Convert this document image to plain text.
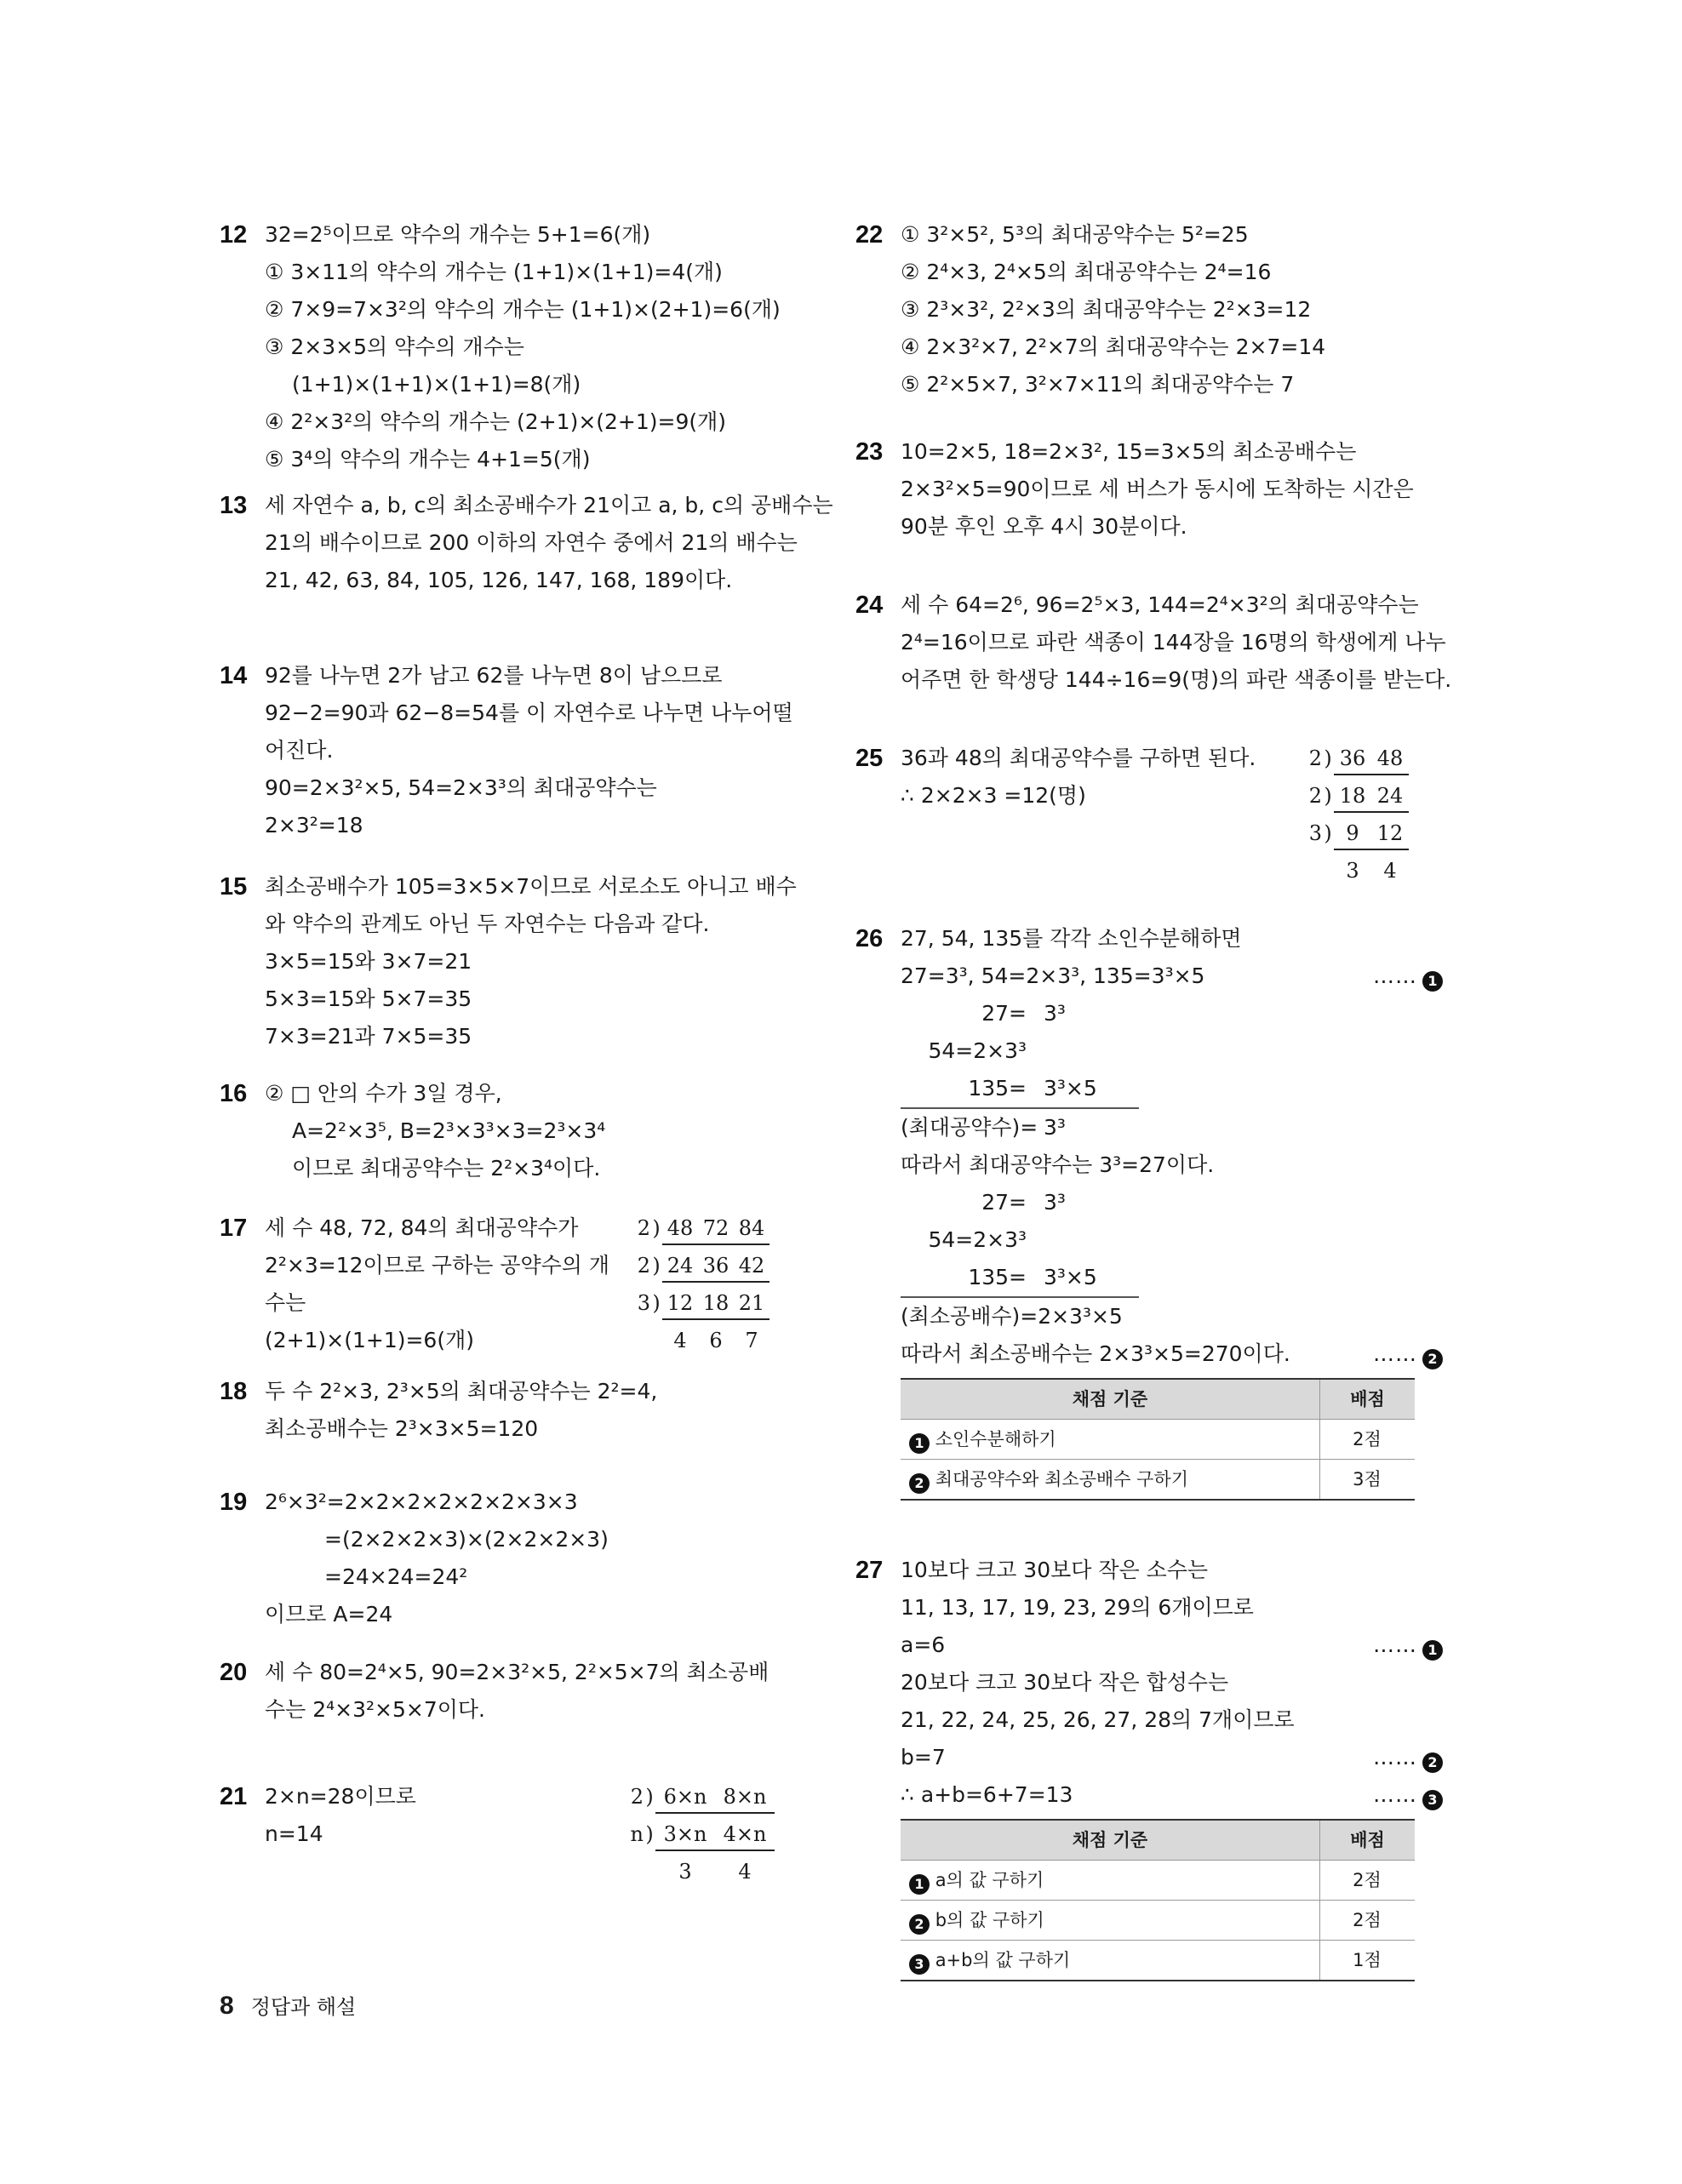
12 32=2⁵이므로 약수의 개수는 5+1=6(개)
① 3×11의 약수의 개수는 (1+1)×(1+1)=4(개)
② 7×9=7×3²의 약수의 개수는 (1+1)×(2+1)=6(개)
③ 2×3×5의 약수의 개수는
(1+1)×(1+1)×(1+1)=8(개)
④ 2²×3²의 약수의 개수는 (2+1)×(2+1)=9(개)
⑤ 3⁴의 약수의 개수는 4+1=5(개)
13 세 자연수 a, b, c의 최소공배수가 21이고 a, b, c의 공배수는
21의 배수이므로 200 이하의 자연수 중에서 21의 배수는
21, 42, 63, 84, 105, 126, 147, 168, 189이다.
14 92를 나누면 2가 남고 62를 나누면 8이 남으므로
92−2=90과 62−8=54를 이 자연수로 나누면 나누어떨
어진다.
90=2×3²×5, 54=2×3³의 최대공약수는
2×3²=18
15 최소공배수가 105=3×5×7이므로 서로소도 아니고 배수
와 약수의 관계도 아닌 두 자연수는 다음과 같다.
3×5=15와 3×7=21
5×3=15와 5×7=35
7×3=21과 7×5=35
16 ② □ 안의 수가 3일 경우,
A=2²×3⁵, B=2³×3³×3=2³×3⁴
이므로 최대공약수는 2²×3⁴이다.
17 세 수 48, 72, 84의 최대공약수가
2²×3=12이므로 구하는 공약수의 개
수는
(2+1)×(1+1)=6(개)
2) 48 72 84
2) 24 36 42
3) 12 18 21
4 6 7
18 두 수 2²×3, 2³×5의 최대공약수는 2²=4,
최소공배수는 2³×3×5=120
19 2⁶×3²=2×2×2×2×2×2×3×3
=(2×2×2×3)×(2×2×2×3)
=24×24=24²
이므로 A=24
20 세 수 80=2⁴×5, 90=2×3²×5, 2²×5×7의 최소공배
수는 2⁴×3²×5×7이다.
21 2×n=28이므로
n=14
2) 6×n 8×n
n) 3×n 4×n
3 4
22 ① 3²×5², 5³의 최대공약수는 5²=25
② 2⁴×3, 2⁴×5의 최대공약수는 2⁴=16
③ 2³×3², 2²×3의 최대공약수는 2²×3=12
④ 2×3²×7, 2²×7의 최대공약수는 2×7=14
⑤ 2²×5×7, 3²×7×11의 최대공약수는 7
23 10=2×5, 18=2×3², 15=3×5의 최소공배수는
2×3²×5=90이므로 세 버스가 동시에 도착하는 시간은
90분 후인 오후 4시 30분이다.
24 세 수 64=2⁶, 96=2⁵×3, 144=2⁴×3²의 최대공약수는
2⁴=16이므로 파란 색종이 144장을 16명의 학생에게 나누
어주면 한 학생당 144÷16=9(명)의 파란 색종이를 받는다.
25 36과 48의 최대공약수를 구하면 된다.
∴ 2×2×3 =12(명)
2) 36 48
2) 18 24
3) 9 12
3 4
26 27, 54, 135를 각각 소인수분해하면
27=3³, 54=2×3³, 135=3³×5	…… 1
27= 3³
54=2×3³
135= 3³×5
(최대공약수)= 3³
따라서 최대공약수는 3³=27이다.
27= 3³
54=2×3³
135= 3³×5
(최소공배수)=2×3³×5
따라서 최소공배수는 2×3³×5=270이다.	…… 2
채점 기준	배점
1 소인수분해하기	2점
2 최대공약수와 최소공배수 구하기	3점
27 10보다 크고 30보다 작은 소수는
11, 13, 17, 19, 23, 29의 6개이므로
a=6	…… 1
20보다 크고 30보다 작은 합성수는
21, 22, 24, 25, 26, 27, 28의 7개이므로
b=7	…… 2
∴ a+b=6+7=13	…… 3
채점 기준	배점
1 a의 값 구하기	2점
2 b의 값 구하기	2점
3 a+b의 값 구하기	1점
8 정답과 해설
